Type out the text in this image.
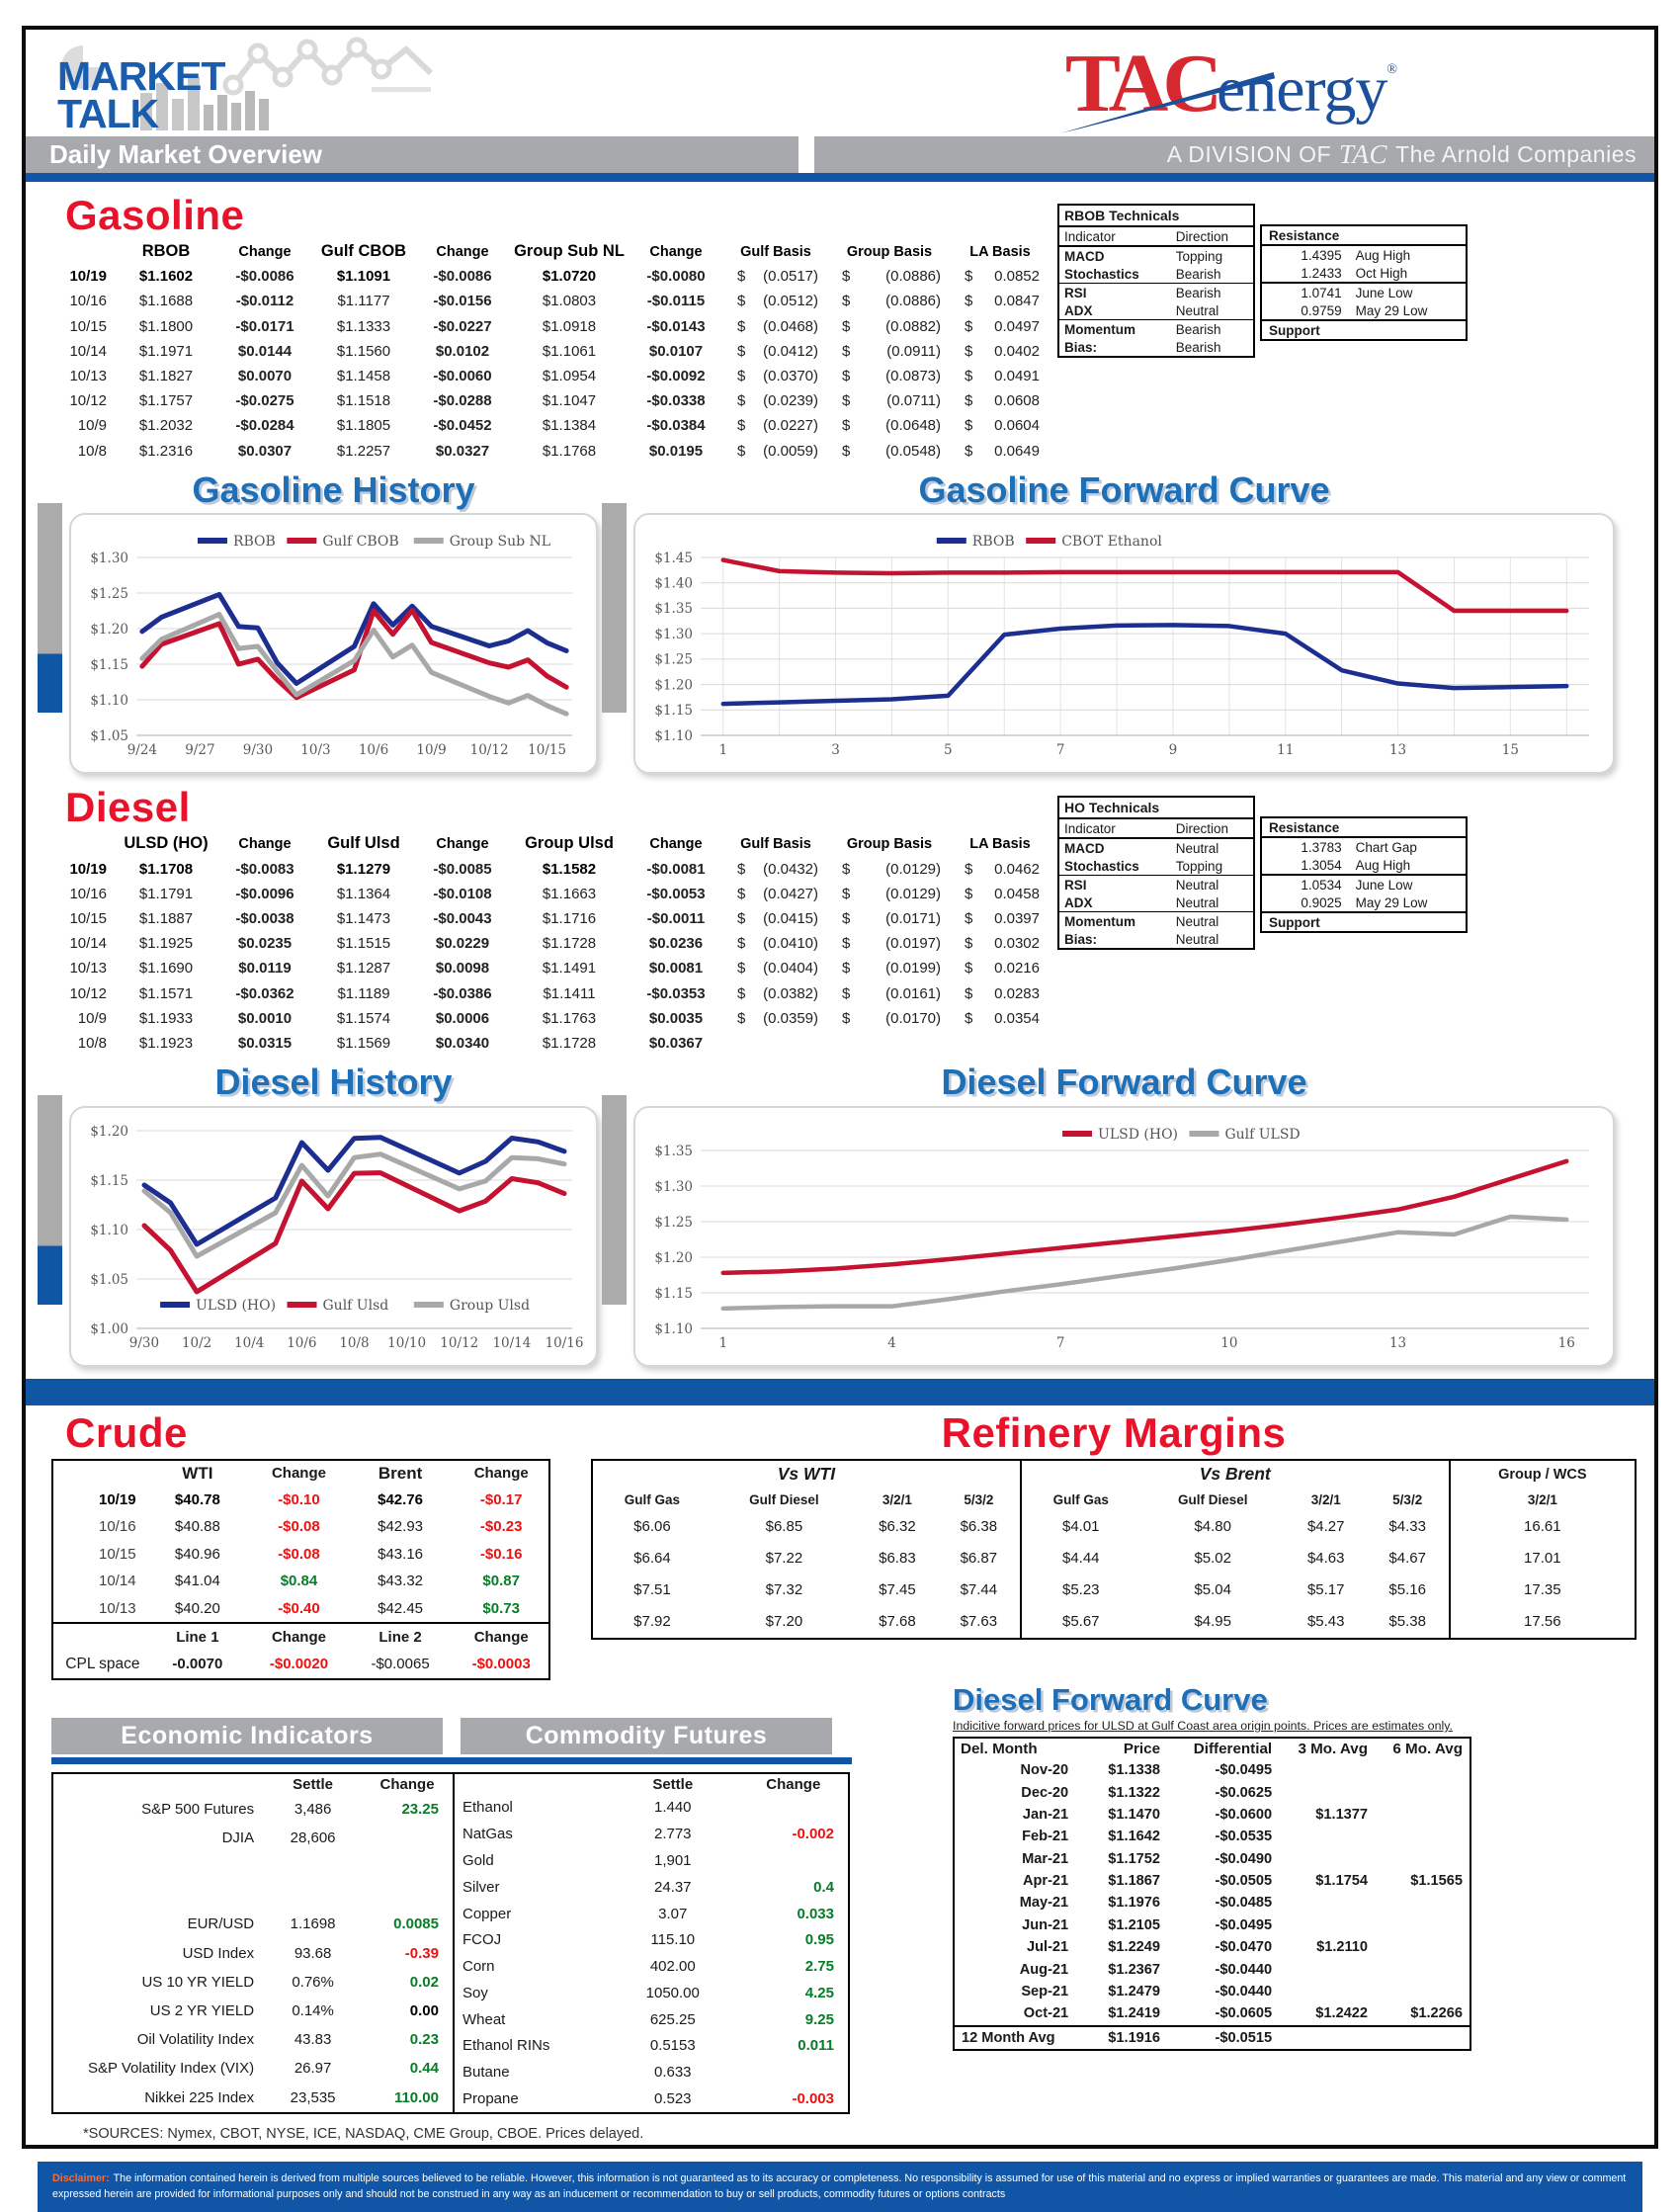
MARKET
TALK	TACenergy®
Daily Market Overview	A DIVISION OF TAC The Arnold Companies
Gasoline
	RBOB	Change	Gulf CBOB	Change	Group Sub NL	Change	Gulf Basis	Group Basis	LA Basis
10/19	$1.1602	-$0.0086	$1.1091	-$0.0086	$1.0720	-$0.0080	$ (0.0517)	$ (0.0886)	$ 0.0852
10/16	$1.1688	-$0.0112	$1.1177	-$0.0156	$1.0803	-$0.0115	$ (0.0512)	$ (0.0886)	$ 0.0847
10/15	$1.1800	-$0.0171	$1.1333	-$0.0227	$1.0918	-$0.0143	$ (0.0468)	$ (0.0882)	$ 0.0497
10/14	$1.1971	$0.0144	$1.1560	$0.0102	$1.1061	$0.0107	$ (0.0412)	$ (0.0911)	$ 0.0402
10/13	$1.1827	$0.0070	$1.1458	-$0.0060	$1.0954	-$0.0092	$ (0.0370)	$ (0.0873)	$ 0.0491
10/12	$1.1757	-$0.0275	$1.1518	-$0.0288	$1.1047	-$0.0338	$ (0.0239)	$ (0.0711)	$ 0.0608
10/9	$1.2032	-$0.0284	$1.1805	-$0.0452	$1.1384	-$0.0384	$ (0.0227)	$ (0.0648)	$ 0.0604
10/8	$1.2316	$0.0307	$1.2257	$0.0327	$1.1768	$0.0195	$ (0.0059)	$ (0.0548)	$ 0.0649
RBOB Technicals
Indicator	Direction
MACD	Topping
Stochastics	Bearish
RSI	Bearish
ADX	Neutral
Momentum	Bearish
Bias:	Bearish
Resistance
1.4395	Aug High
1.2433	Oct High
1.0741	June Low
0.9759	May 29 Low
Support
Gasoline History
$1.05
$1.10
$1.15
$1.20
$1.25
$1.30
9/24 9/27 9/30 10/3 10/6 10/9 10/12 10/15
RBOB	Gulf CBOB	Group Sub NL
Gasoline Forward Curve
$1.10
$1.15
$1.20
$1.25
$1.30
$1.35
$1.40
$1.45
1	3	5	7	9	11	13	15
RBOB	CBOT Ethanol
Diesel
	ULSD (HO)	Change	Gulf Ulsd	Change	Group Ulsd	Change	Gulf Basis	Group Basis	LA Basis
10/19	$1.1708	-$0.0083	$1.1279	-$0.0085	$1.1582	-$0.0081	$ (0.0432)	$ (0.0129)	$ 0.0462
10/16	$1.1791	-$0.0096	$1.1364	-$0.0108	$1.1663	-$0.0053	$ (0.0427)	$ (0.0129)	$ 0.0458
10/15	$1.1887	-$0.0038	$1.1473	-$0.0043	$1.1716	-$0.0011	$ (0.0415)	$ (0.0171)	$ 0.0397
10/14	$1.1925	$0.0235	$1.1515	$0.0229	$1.1728	$0.0236	$ (0.0410)	$ (0.0197)	$ 0.0302
10/13	$1.1690	$0.0119	$1.1287	$0.0098	$1.1491	$0.0081	$ (0.0404)	$ (0.0199)	$ 0.0216
10/12	$1.1571	-$0.0362	$1.1189	-$0.0386	$1.1411	-$0.0353	$ (0.0382)	$ (0.0161)	$ 0.0283
10/9	$1.1933	$0.0010	$1.1574	$0.0006	$1.1763	$0.0035	$ (0.0359)	$ (0.0170)	$ 0.0354
10/8	$1.1923	$0.0315	$1.1569	$0.0340	$1.1728	$0.0367			
HO Technicals
Indicator	Direction
MACD	Neutral
Stochastics	Topping
RSI	Neutral
ADX	Neutral
Momentum	Neutral
Bias:	Neutral
Resistance
1.3783	Chart Gap
1.3054	Aug High
1.0534	June Low
0.9025	May 29 Low
Support
Diesel History
$1.00
$1.05
$1.10
$1.15
$1.20
9/30 10/2 10/4 10/6 10/8 10/10 10/12 10/14 10/16
ULSD (HO)	Gulf Ulsd	Group Ulsd
Diesel Forward Curve
$1.10
$1.15
$1.20
$1.25
$1.30
$1.35
1	4	7	10	13	16
ULSD (HO)	Gulf ULSD
Crude
	WTI	Change	Brent	Change
10/19	$40.78	-$0.10	$42.76	-$0.17
10/16	$40.88	-$0.08	$42.93	-$0.23
10/15	$40.96	-$0.08	$43.16	-$0.16
10/14	$41.04	$0.84	$43.32	$0.87
10/13	$40.20	-$0.40	$42.45	$0.73
	Line 1	Change	Line 2	Change
CPL space	-0.0070	-$0.0020	-$0.0065	-$0.0003
Refinery Margins
Vs WTI				Vs Brent				Group / WCS
Gulf Gas	Gulf Diesel	3/2/1	5/3/2	Gulf Gas	Gulf Diesel	3/2/1	5/3/2	3/2/1
$6.06	$6.85	$6.32	$6.38	$4.01	$4.80	$4.27	$4.33	16.61
$6.64	$7.22	$6.83	$6.87	$4.44	$5.02	$4.63	$4.67	17.01
$7.51	$7.32	$7.45	$7.44	$5.23	$5.04	$5.17	$5.16	17.35
$7.92	$7.20	$7.68	$7.63	$5.67	$4.95	$5.43	$5.38	17.56
Economic Indicators	Commodity Futures
	Settle	Change
S&P 500 Futures	3,486	23.25
DJIA	28,606	

EUR/USD	1.1698	0.0085
USD Index	93.68	-0.39
US 10 YR YIELD	0.76%	0.02
US 2 YR YIELD	0.14%	0.00
Oil Volatility Index	43.83	0.23
S&P Volatility Index (VIX)	26.97	0.44
Nikkei 225 Index	23,535	110.00
	Settle	Change
Ethanol	1.440	
NatGas	2.773	-0.002
Gold	1,901	
Silver	24.37	0.4
Copper	3.07	0.033
FCOJ	115.10	0.95
Corn	402.00	2.75
Soy	1050.00	4.25
Wheat	625.25	9.25
Ethanol RINs	0.5153	0.011
Butane	0.633	
Propane	0.523	-0.003
*SOURCES: Nymex, CBOT, NYSE, ICE, NASDAQ, CME Group, CBOE. Prices delayed.
Diesel Forward Curve
Indicitive forward prices for ULSD at Gulf Coast area origin points. Prices are estimates only.
Del. Month	Price	Differential	3 Mo. Avg	6 Mo. Avg
Nov-20	$1.1338	-$0.0495		
Dec-20	$1.1322	-$0.0625		
Jan-21	$1.1470	-$0.0600	$1.1377	
Feb-21	$1.1642	-$0.0535		
Mar-21	$1.1752	-$0.0490		
Apr-21	$1.1867	-$0.0505	$1.1754	$1.1565
May-21	$1.1976	-$0.0485		
Jun-21	$1.2105	-$0.0495		
Jul-21	$1.2249	-$0.0470	$1.2110	
Aug-21	$1.2367	-$0.0440		
Sep-21	$1.2479	-$0.0440		
Oct-21	$1.2419	-$0.0605	$1.2422	$1.2266
12 Month Avg	$1.1916	-$0.0515		
Disclaimer: The information contained herein is derived from multiple sources believed to be reliable. However, this information is not guaranteed as to its accuracy or completeness. No responsibility is assumed for use of this material and no express or implied warranties or guarantees are made. This material and any view or comment expressed herein are provided for informational purposes only and should not be construed in any way as an inducement or recommendation to buy or sell products, commodity futures or options contracts
